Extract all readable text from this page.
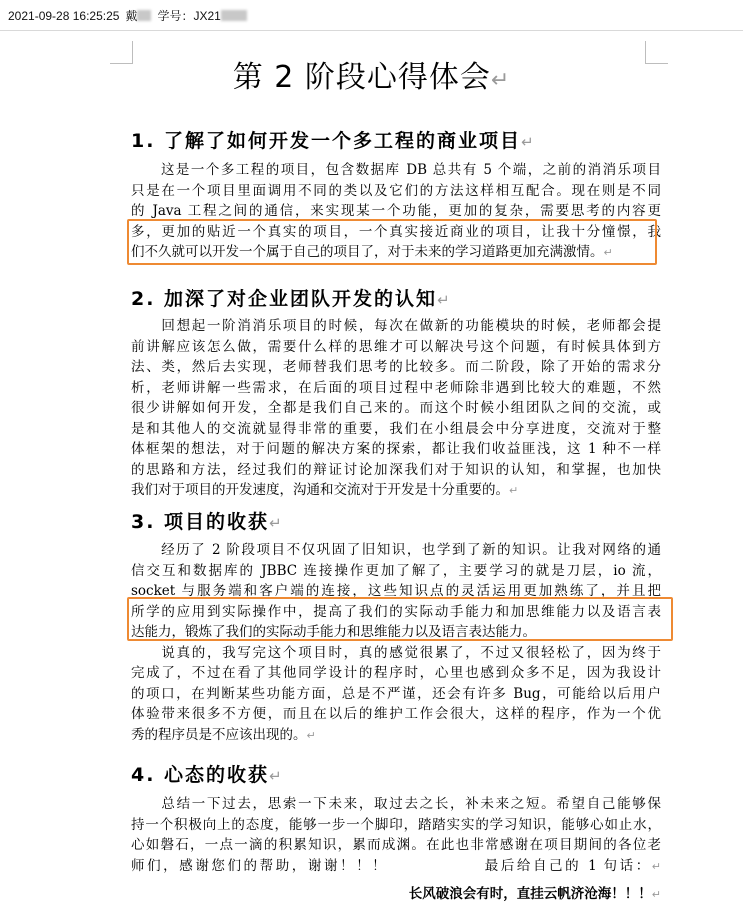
2021-09-28 16:25:25 戴 学号：JX21
第 2 阶段心得体会↵
1. 了解了如何开发一个多工程的商业项目↵
　　这是一个多工程的项目，包含数据库 DB 总共有 5 个端，之前的消消乐项目
只是在一个项目里面调用不同的类以及它们的方法这样相互配合。现在则是不同
的 Java 工程之间的通信，来实现某一个功能，更加的复杂，需要思考的内容更
多，更加的贴近一个真实的项目，一个真实接近商业的项目，让我十分憧憬，我
们不久就可以开发一个属于自己的项目了，对于未来的学习道路更加充满激情。↵
2. 加深了对企业团队开发的认知↵
　　回想起一阶消消乐项目的时候，每次在做新的功能模块的时候，老师都会提
前讲解应该怎么做，需要什么样的思维才可以解决号这个问题，有时候具体到方
法、类，然后去实现，老师替我们思考的比较多。而二阶段，除了开始的需求分
析，老师讲解一些需求，在后面的项目过程中老师除非遇到比较大的难题，不然
很少讲解如何开发，全都是我们自己来的。而这个时候小组团队之间的交流，或
是和其他人的交流就显得非常的重要，我们在小组晨会中分享进度，交流对于整
体框架的想法，对于问题的解决方案的探索，都让我们收益匪浅，这 1 种不一样
的思路和方法，经过我们的辩证讨论加深我们对于知识的认知，和掌握，也加快
我们对于项目的开发速度，沟通和交流对于开发是十分重要的。↵
3. 项目的收获↵
　　经历了 2 阶段项目不仅巩固了旧知识，也学到了新的知识。让我对网络的通
信交互和数据库的 JBBC 连接操作更加了解了，主要学习的就是刀层，io 流，
socket 与服务端和客户端的连接，这些知识点的灵活运用更加熟练了，并且把
所学的应用到实际操作中，提高了我们的实际动手能力和加思维能力以及语言表
达能力，锻炼了我们的实际动手能力和思维能力以及语言表达能力。
　　说真的，我写完这个项目时，真的感觉很累了，不过又很轻松了，因为终于
完成了，不过在看了其他同学设计的程序时，心里也感到众多不足，因为我设计
的项口，在判断某些功能方面，总是不严谨，还会有许多 Bug，可能给以后用户
体验带来很多不方便，而且在以后的维护工作会很大，这样的程序，作为一个优
秀的程序员是不应该出现的。↵
4. 心态的收获↵
　　总结一下过去，思索一下未来，取过去之长，补未来之短。希望自己能够保
持一个积极向上的态度，能够一步一个脚印，踏踏实实的学习知识，能够心如止水，
心如磐石，一点一滴的积累知识，累而成渊。在此也非常感谢在项目期间的各位老
师们，感谢您们的帮助，谢谢！！！　　　　　　最后给自己的 1 句话：↵
长风破浪会有时，直挂云帆济沧海！！！↵
